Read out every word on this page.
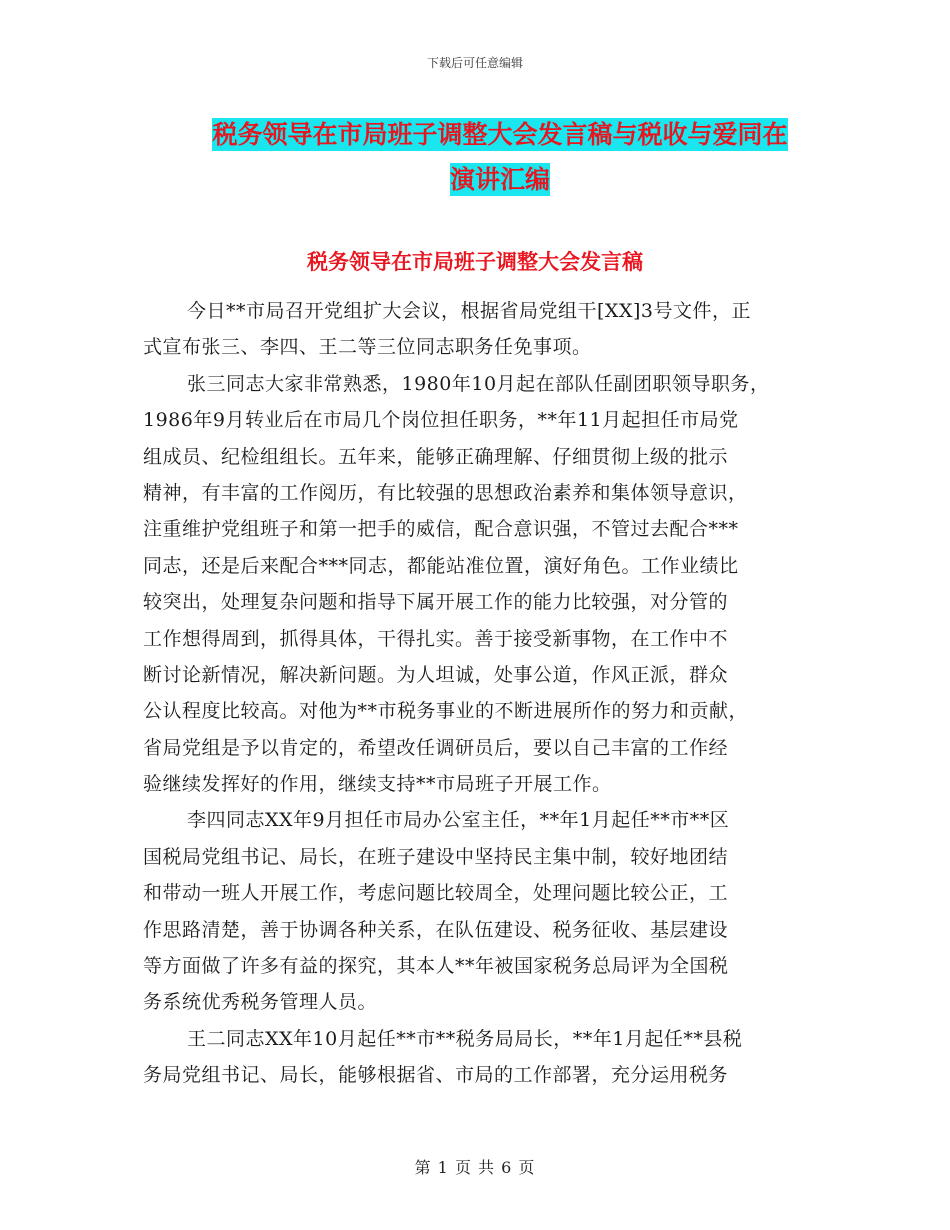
下载后可任意编辑
税务领导在市局班子调整大会发言稿与税收与爱同在
演讲汇编
税务领导在市局班子调整大会发言稿
今日**市局召开党组扩大会议，根据省局党组干[XX]3号文件，正
式宣布张三、李四、王二等三位同志职务任免事项。
张三同志大家非常熟悉，1980年10月起在部队任副团职领导职务，
1986年9月转业后在市局几个岗位担任职务，**年11月起担任市局党
组成员、纪检组组长。五年来，能够正确理解、仔细贯彻上级的批示
精神，有丰富的工作阅历，有比较强的思想政治素养和集体领导意识，
注重维护党组班子和第一把手的威信，配合意识强，不管过去配合***
同志，还是后来配合***同志，都能站准位置，演好角色。工作业绩比
较突出，处理复杂问题和指导下属开展工作的能力比较强，对分管的
工作想得周到，抓得具体，干得扎实。善于接受新事物，在工作中不
断讨论新情况，解决新问题。为人坦诚，处事公道，作风正派，群众
公认程度比较高。对他为**市税务事业的不断进展所作的努力和贡献，
省局党组是予以肯定的，希望改任调研员后，要以自己丰富的工作经
验继续发挥好的作用，继续支持**市局班子开展工作。
李四同志XX年9月担任市局办公室主任，**年1月起任**市**区
国税局党组书记、局长，在班子建设中坚持民主集中制，较好地团结
和带动一班人开展工作，考虑问题比较周全，处理问题比较公正，工
作思路清楚，善于协调各种关系，在队伍建设、税务征收、基层建设
等方面做了许多有益的探究，其本人**年被国家税务总局评为全国税
务系统优秀税务管理人员。
王二同志XX年10月起任**市**税务局局长，**年1月起任**县税
务局党组书记、局长，能够根据省、市局的工作部署，充分运用税务
第 1 页 共 6 页
